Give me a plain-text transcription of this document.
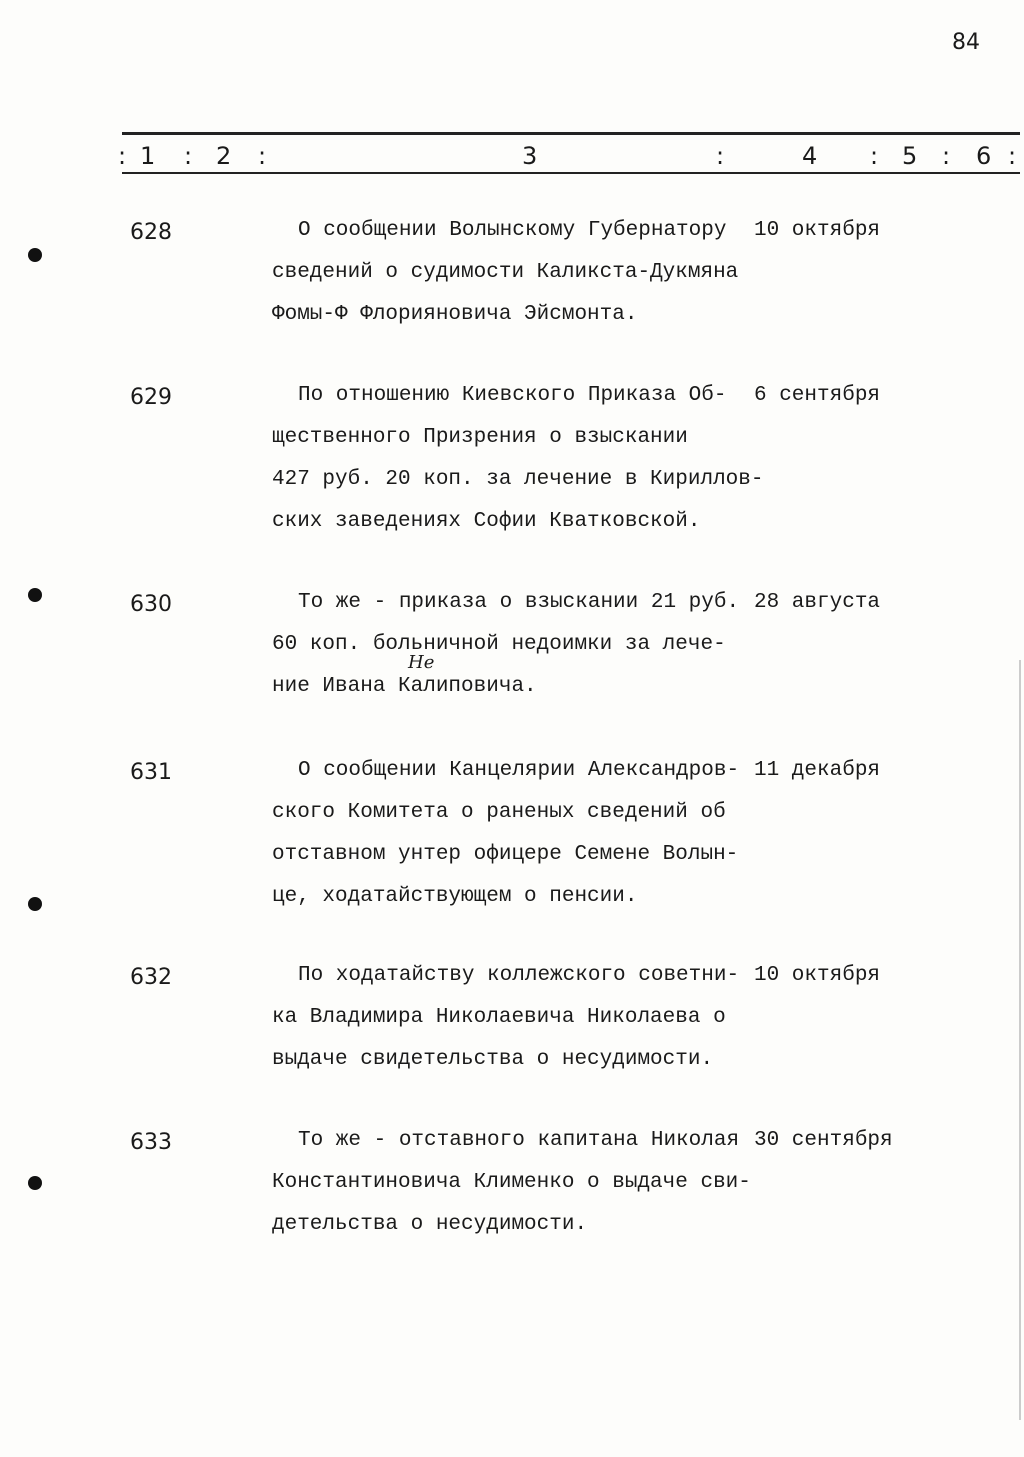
84
: 1 : 2 :	3	:	4 : 5 : 6 :
628	О сообщении Волынскому Губернатору
сведений о судимости Каликста-Дукмяна
Фомы-Ф Флорияновича Эйсмонта.
10 октября
629	По отношению Киевского Приказа Об-
щественного Призрения о взыскании
427 руб. 20 коп. за лечение в Кириллов-
ских заведениях Софии Кватковской.
6 сентября
630	То же - приказа о взыскании 21 руб.
60 коп. больничной недоимки за лече-
ние Ивана Калиповича.
28 августа
Не
631	О сообщении Канцелярии Александров-
ского Комитета о раненых сведений об
отставном унтер офицере Семене Волын-
це, ходатайствующем о пенсии.
11 декабря
632	По ходатайству коллежского советни-
ка Владимира Николаевича Николаева о
выдаче свидетельства о несудимости.
10 октября
633	То же - отставного капитана Николая
Константиновича Клименко о выдаче сви-
детельства о несудимости.
30 сентября
